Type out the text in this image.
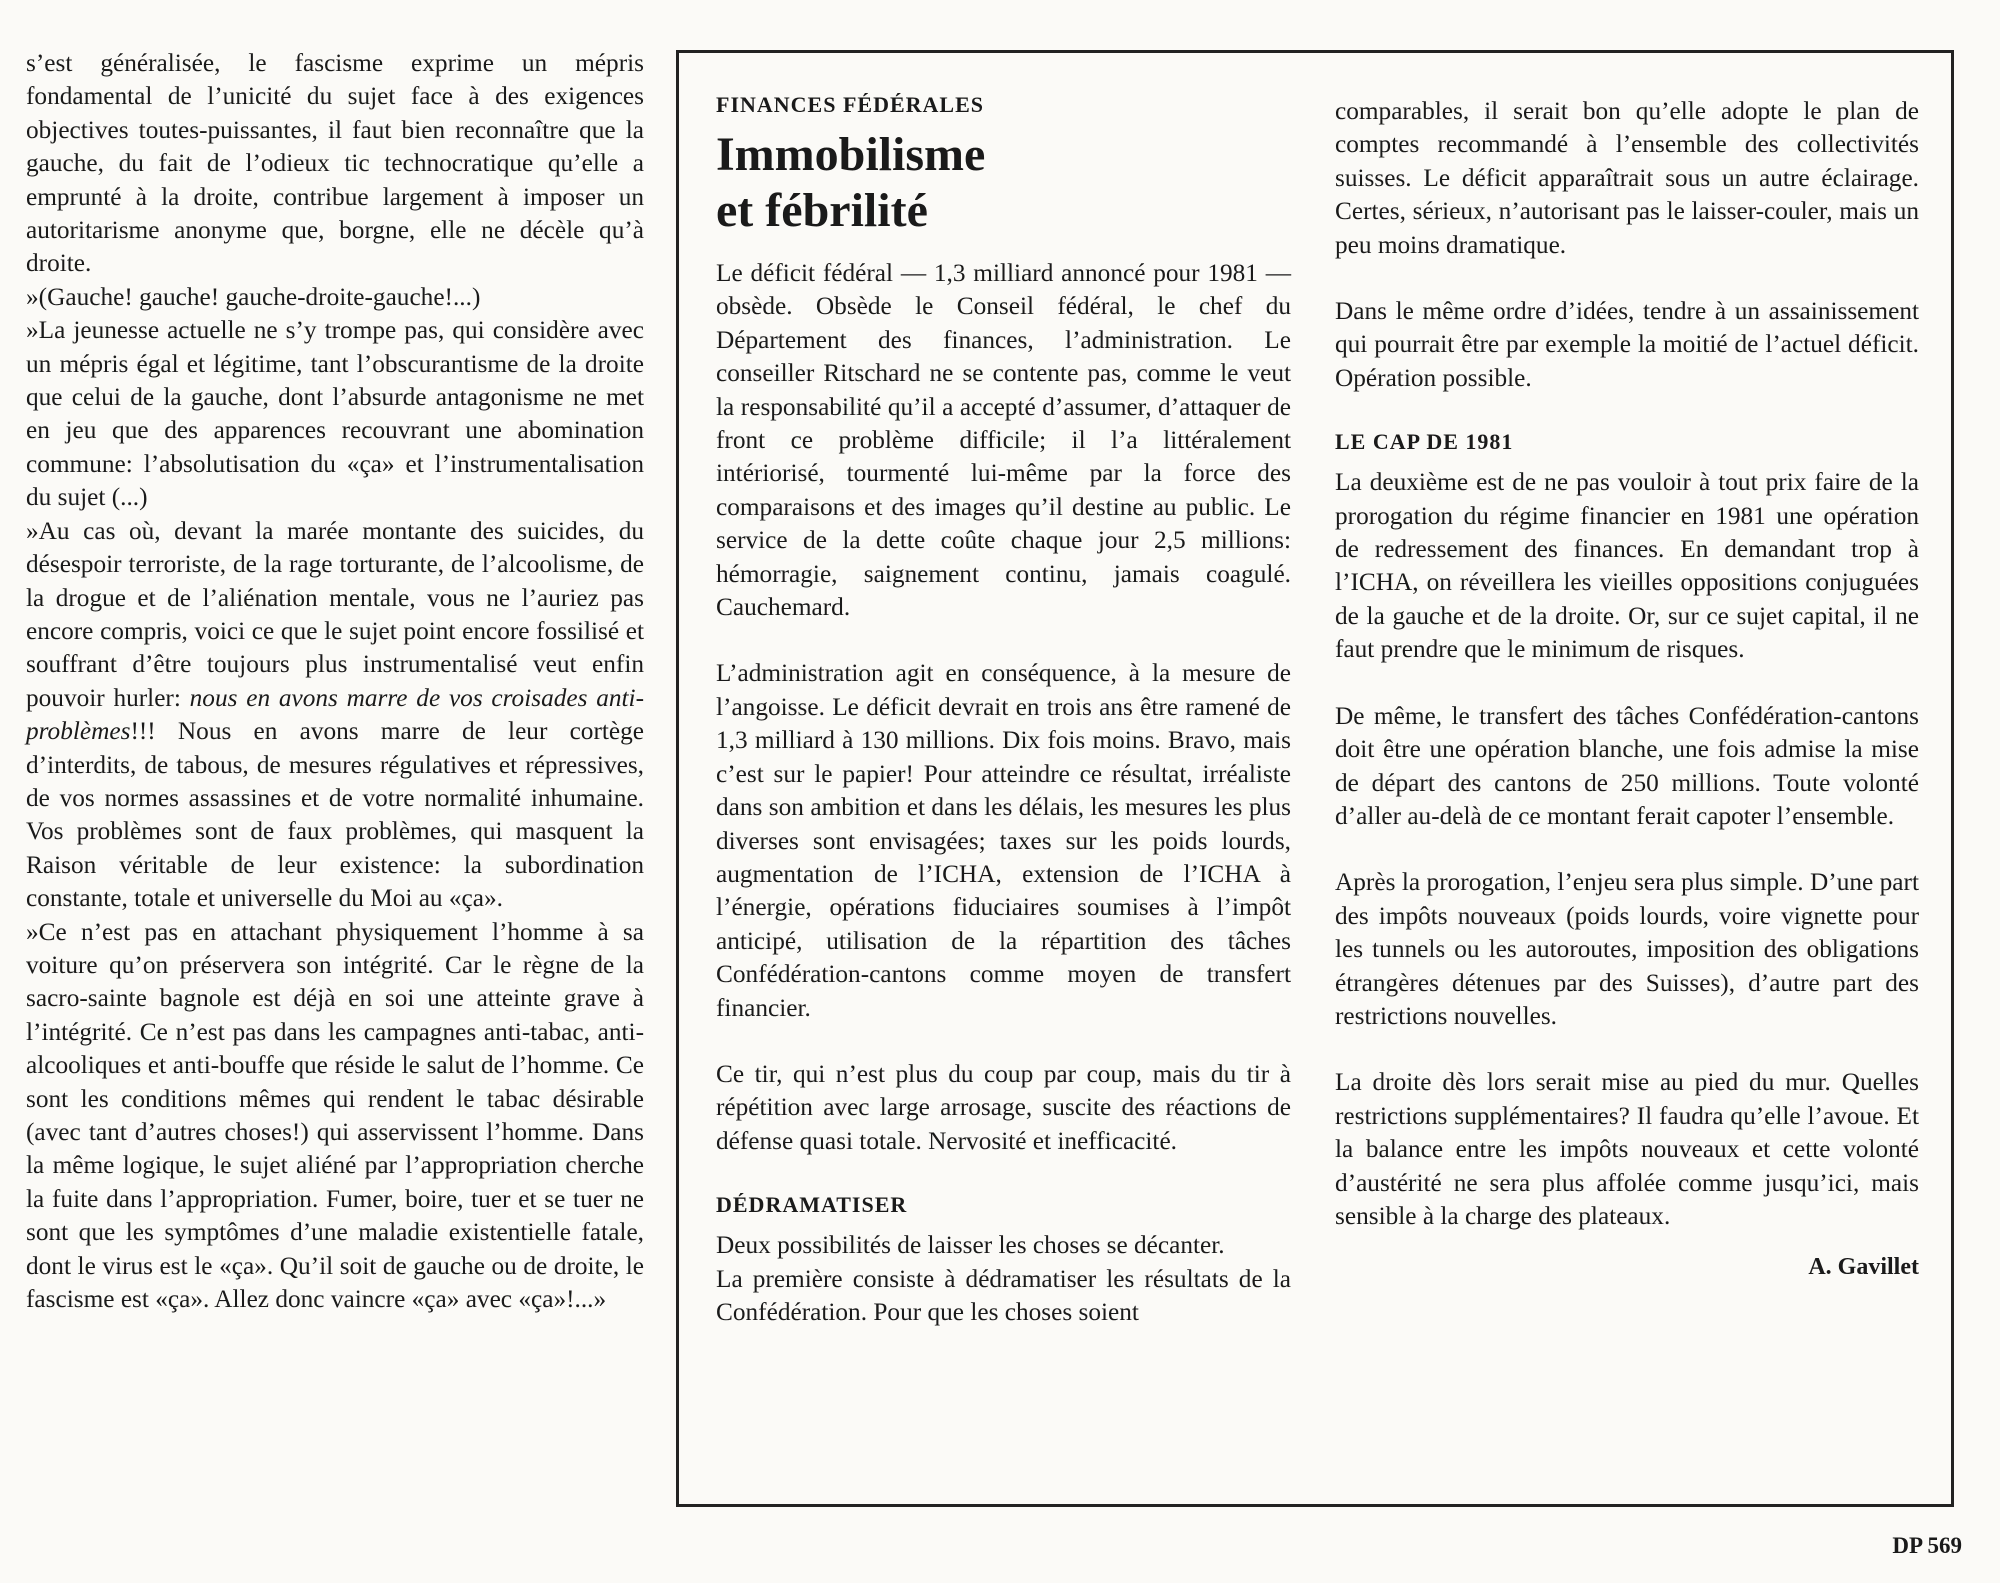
s’est généralisée, le fascisme exprime un mépris fondamental de l’unicité du sujet face à des exigences objectives toutes-puissantes, il faut bien reconnaître que la gauche, du fait de l’odieux tic technocratique qu’elle a emprunté à la droite, contribue largement à imposer un autoritarisme anonyme que, borgne, elle ne décèle qu’à droite.

»(Gauche! gauche! gauche-droite-gauche!...)

»La jeunesse actuelle ne s’y trompe pas, qui considère avec un mépris égal et légitime, tant l’obscurantisme de la droite que celui de la gauche, dont l’absurde antagonisme ne met en jeu que des apparences recouvrant une abomination commune: l’absolutisation du «ça» et l’instrumentalisation du sujet (...)

»Au cas où, devant la marée montante des suicides, du désespoir terroriste, de la rage torturante, de l’alcoolisme, de la drogue et de l’aliénation mentale, vous ne l’auriez pas encore compris, voici ce que le sujet point encore fossilisé et souffrant d’être toujours plus instrumentalisé veut enfin pouvoir hurler: nous en avons marre de vos croisades anti-problèmes!!! Nous en avons marre de leur cortège d’interdits, de tabous, de mesures régulatives et répressives, de vos normes assassines et de votre normalité inhumaine. Vos problèmes sont de faux problèmes, qui masquent la Raison véritable de leur existence: la subordination constante, totale et universelle du Moi au «ça».

»Ce n’est pas en attachant physiquement l’homme à sa voiture qu’on préservera son intégrité. Car le règne de la sacro-sainte bagnole est déjà en soi une atteinte grave à l’intégrité. Ce n’est pas dans les campagnes anti-tabac, anti-alcooliques et anti-bouffe que réside le salut de l’homme. Ce sont les conditions mêmes qui rendent le tabac désirable (avec tant d’autres choses!) qui asservissent l’homme. Dans la même logique, le sujet aliéné par l’appropriation cherche la fuite dans l’appropriation. Fumer, boire, tuer et se tuer ne sont que les symptômes d’une maladie existentielle fatale, dont le virus est le «ça». Qu’il soit de gauche ou de droite, le fascisme est «ça». Allez donc vaincre «ça» avec «ça»!...»

FINANCES FÉDÉRALES
Immobilisme
et fébrilité

Le déficit fédéral — 1,3 milliard annoncé pour 1981 — obsède. Obsède le Conseil fédéral, le chef du Département des finances, l’administration. Le conseiller Ritschard ne se contente pas, comme le veut la responsabilité qu’il a accepté d’assumer, d’attaquer de front ce problème difficile; il l’a littéralement intériorisé, tourmenté lui-même par la force des comparaisons et des images qu’il destine au public. Le service de la dette coûte chaque jour 2,5 millions: hémorragie, saignement continu, jamais coagulé. Cauchemard.

L’administration agit en conséquence, à la mesure de l’angoisse. Le déficit devrait en trois ans être ramené de 1,3 milliard à 130 millions. Dix fois moins. Bravo, mais c’est sur le papier! Pour atteindre ce résultat, irréaliste dans son ambition et dans les délais, les mesures les plus diverses sont envisagées; taxes sur les poids lourds, augmentation de l’ICHA, extension de l’ICHA à l’énergie, opérations fiduciaires soumises à l’impôt anticipé, utilisation de la répartition des tâches Confédération-cantons comme moyen de transfert financier.

Ce tir, qui n’est plus du coup par coup, mais du tir à répétition avec large arrosage, suscite des réactions de défense quasi totale. Nervosité et inefficacité.

DÉDRAMATISER

Deux possibilités de laisser les choses se décanter.

La première consiste à dédramatiser les résultats de la Confédération. Pour que les choses soient

comparables, il serait bon qu’elle adopte le plan de comptes recommandé à l’ensemble des collectivités suisses. Le déficit apparaîtrait sous un autre éclairage. Certes, sérieux, n’autorisant pas le laisser-couler, mais un peu moins dramatique.

Dans le même ordre d’idées, tendre à un assainissement qui pourrait être par exemple la moitié de l’actuel déficit. Opération possible.

LE CAP DE 1981

La deuxième est de ne pas vouloir à tout prix faire de la prorogation du régime financier en 1981 une opération de redressement des finances. En demandant trop à l’ICHA, on réveillera les vieilles oppositions conjuguées de la gauche et de la droite. Or, sur ce sujet capital, il ne faut prendre que le minimum de risques.

De même, le transfert des tâches Confédération-cantons doit être une opération blanche, une fois admise la mise de départ des cantons de 250 millions. Toute volonté d’aller au-delà de ce montant ferait capoter l’ensemble.

Après la prorogation, l’enjeu sera plus simple. D’une part des impôts nouveaux (poids lourds, voire vignette pour les tunnels ou les autoroutes, imposition des obligations étrangères détenues par des Suisses), d’autre part des restrictions nouvelles.

La droite dès lors serait mise au pied du mur. Quelles restrictions supplémentaires? Il faudra qu’elle l’avoue. Et la balance entre les impôts nouveaux et cette volonté d’austérité ne sera plus affolée comme jusqu’ici, mais sensible à la charge des plateaux.

A. Gavillet
DP 569
